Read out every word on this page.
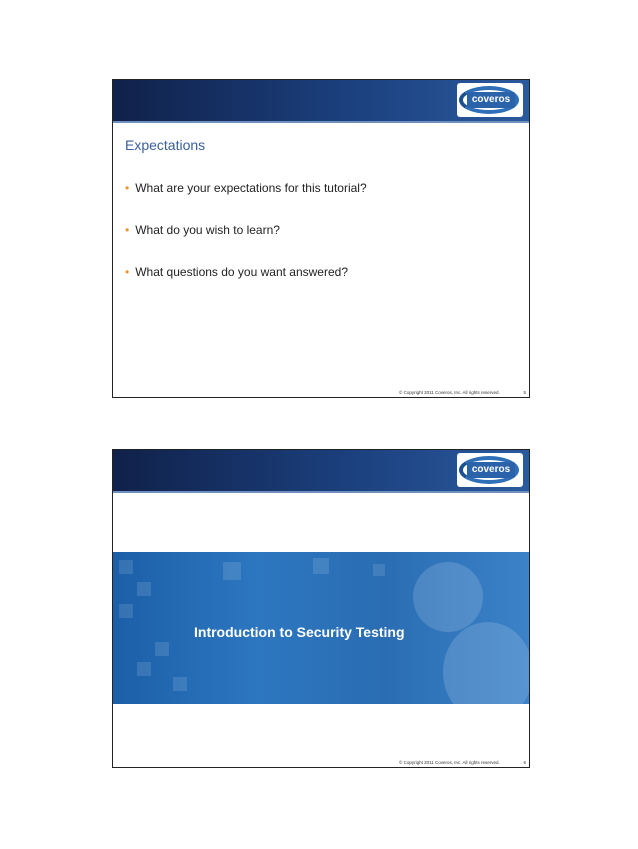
coveros
Expectations
• What are your expectations for this tutorial?
• What do you wish to learn?
• What questions do you want answered?
© Copyright 2011 Coveros, Inc. All rights reserved.	5
coveros
Introduction to Security Testing
© Copyright 2011 Coveros, Inc. All rights reserved.	6
